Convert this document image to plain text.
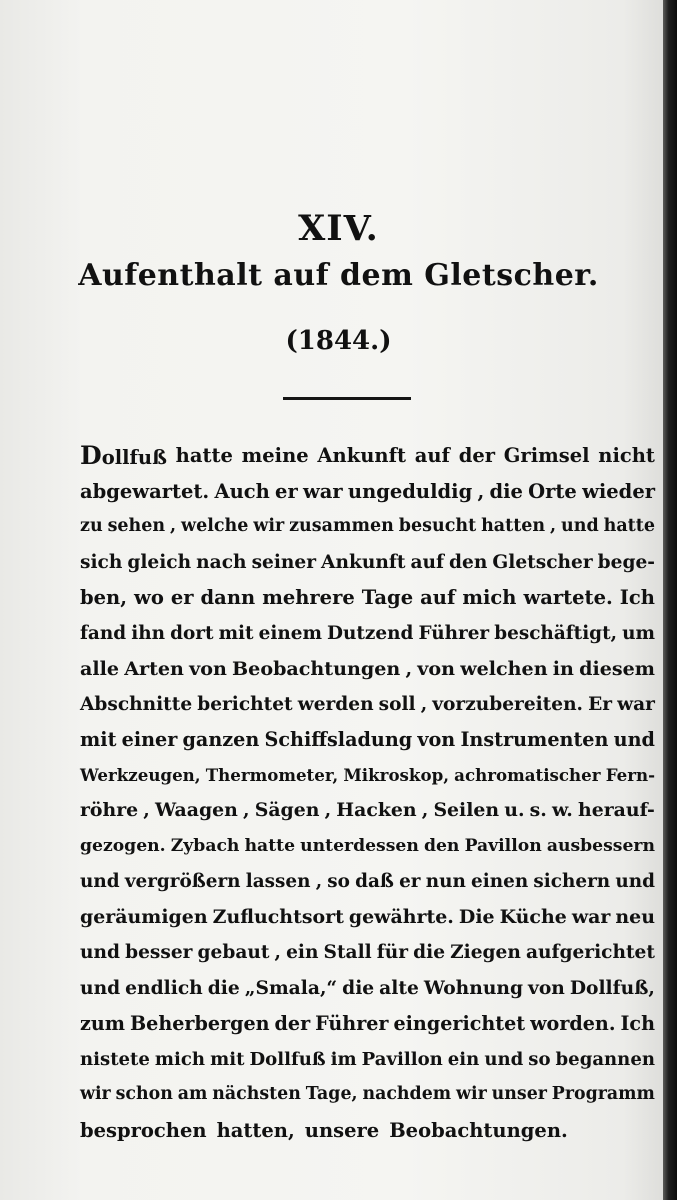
XIV.
Aufenthalt auf dem Gletscher.
(1844.)
Dollfuß hatte meine Ankunft auf der Grimsel nicht
abgewartet. Auch er war ungeduldig , die Orte wieder
zu sehen , welche wir zusammen besucht hatten , und hatte
sich gleich nach seiner Ankunft auf den Gletscher bege-
ben, wo er dann mehrere Tage auf mich wartete. Ich
fand ihn dort mit einem Dutzend Führer beschäftigt, um
alle Arten von Beobachtungen , von welchen in diesem
Abschnitte berichtet werden soll , vorzubereiten. Er war
mit einer ganzen Schiffsladung von Instrumenten und
Werkzeugen, Thermometer, Mikroskop, achromatischer Fern-
röhre , Waagen , Sägen , Hacken , Seilen u. s. w. herauf-
gezogen. Zybach hatte unterdessen den Pavillon ausbessern
und vergrößern lassen , so daß er nun einen sichern und
geräumigen Zufluchtsort gewährte. Die Küche war neu
und besser gebaut , ein Stall für die Ziegen aufgerichtet
und endlich die „Smala,“ die alte Wohnung von Dollfuß,
zum Beherbergen der Führer eingerichtet worden. Ich
nistete mich mit Dollfuß im Pavillon ein und so begannen
wir schon am nächsten Tage, nachdem wir unser Programm
besprochen hatten, unsere Beobachtungen.
